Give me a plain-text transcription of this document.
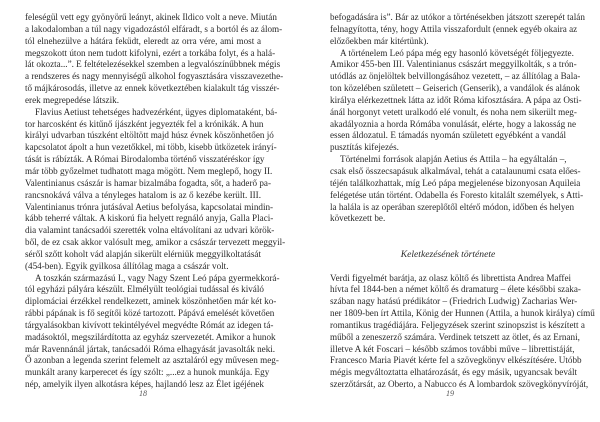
feleségül vett egy gyönyörű leányt, akinek Ildico volt a neve. Miután
a lakodalomban a túl nagy vigadozástól elfáradt, s a bortól és az álom-
tól elnehezülve a hátára feküdt, eleredt az orra vére, ami most a
megszokott úton nem tudott kifolyni, ezért a torkába folyt, és a halá-
lát okozta...”. E feltételezésekkel szemben a legvalószínűbbnek mégis
a rendszeres és nagy mennyiségű alkohol fogyasztására visszavezethe-
tő májkárosodás, illetve az ennek következtében kialakult tág visszér-
erek megrepedése látszik.
Flavius Aetiust tehetséges hadvezérként, ügyes diplomataként, bá-
tor harcosként és kitűnő íjászként jegyezték fel a krónikák. A hun
királyi udvarban túszként eltöltött majd húsz évnek köszönhetően jó
kapcsolatot ápolt a hun vezetőkkel, mi több, kisebb ütközetek irányí-
tását is rábízták. A Római Birodalomba történő visszatéréskor így
már több győzelmet tudhatott maga mögött. Nem meglepő, hogy II.
Valentinianus császár is hamar bizalmába fogadta, sőt, a haderő pa-
rancsnokává válva a tényleges hatalom is az ő kezébe került. III.
Valentinianus trónra jutásával Aetius befolyása, kapcsolatai mindin-
kább teherré váltak. A kiskorú fia helyett regnáló anyja, Galla Placi-
dia valamint tanácsadói szerették volna eltávolítani az udvari körök-
ből, de ez csak akkor valósult meg, amikor a császár tervezett meggyil-
séről szőtt koholt vád alapján sikerült elérniük meggyilkoltatását
(454-ben). Egyik gyilkosa állítólag maga a császár volt.
A toszkán származású I., vagy Nagy Szent Leó pápa gyermekkorá-
tól egyházi pályára készült. Elmélyült teológiai tudással és kiváló
diplomáciai érzékkel rendelkezett, aminek köszönhetően már két ko-
rábbi pápának is fő segítői közé tartozott. Pápává emelését követően
tárgyalásokban kivívott tekintélyével megvédte Rómát az idegen tá-
madásoktól, megszilárdította az egyház szervezetét. Amikor a hunok
már Ravennánál jártak, tanácsadói Róma elhagyását javasolták neki.
Ő azonban a legenda szerint felemelt az asztaláról egy művesen meg-
munkált arany karperecet és így szólt: „...ez a hunok munkája. Egy
nép, amelyik ilyen alkotásra képes, hajlandó lesz az Élet igéjének
18
befogadására is”. Bár az utókor a történésekben játszott szerepét talán
felnagyította, tény, hogy Attila visszafordult (ennek egyéb okaira az
előzőekben már kitértünk).
A történelem Leó pápa még egy hasonló követségét följegyezte.
Amikor 455-ben III. Valentinianus császárt meggyilkolták, s a trón-
utódlás az önjelöltek belvillongásához vezetett, – az állítólag a Bala-
ton közelében született – Geiserich (Genserik), a vandálok és alánok
királya elérkezettnek látta az időt Róma kifosztására. A pápa az Osti-
ánál horgonyt vetett uralkodó elé vonult, és noha nem sikerült meg-
akadályoznia a horda Rómába vonulását, elérte, hogy a lakosság ne
essen áldozatul. E támadás nyomán született egyébként a vandál
pusztítás kifejezés.
Történelmi források alapján Aetius és Attila – ha egyáltalán –,
csak első összecsapásuk alkalmával, tehát a catalaunumi csata előes-
téjén találkozhattak, míg Leó pápa megjelenése bizonyosan Aquileia
felégetése után történt. Odabella és Foresto kitalált személyek, s Atti-
la halála is az operában szereplőtől eltérő módon, időben és helyen
következett be.
Keletkezésének története
Verdi figyelmét barátja, az olasz költő és librettista Andrea Maffei
hívta fel 1844-ben a német költő és dramaturg – élete későbbi szaka-
szában nagy hatású prédikátor – (Friedrich Ludwig) Zacharias Wer-
ner 1809-ben írt Attila, König der Hunnen (Attila, a hunok királya) című
romantikus tragédiájára. Feljegyzések szerint szinopszist is készített a
műből a zeneszerző számára. Verdinek tetszett az ötlet, és az Ernani,
illetve A két Foscari – később számos további műve – librettistáját,
Francesco Maria Piavét kérte fel a szövegkönyv elkészítésére. Utóbb
mégis megváltoztatta elhatározását, és egy másik, ugyancsak bevált
szerzőtársát, az Oberto, a Nabucco és A lombardok szövegkönyvíróját,
19
